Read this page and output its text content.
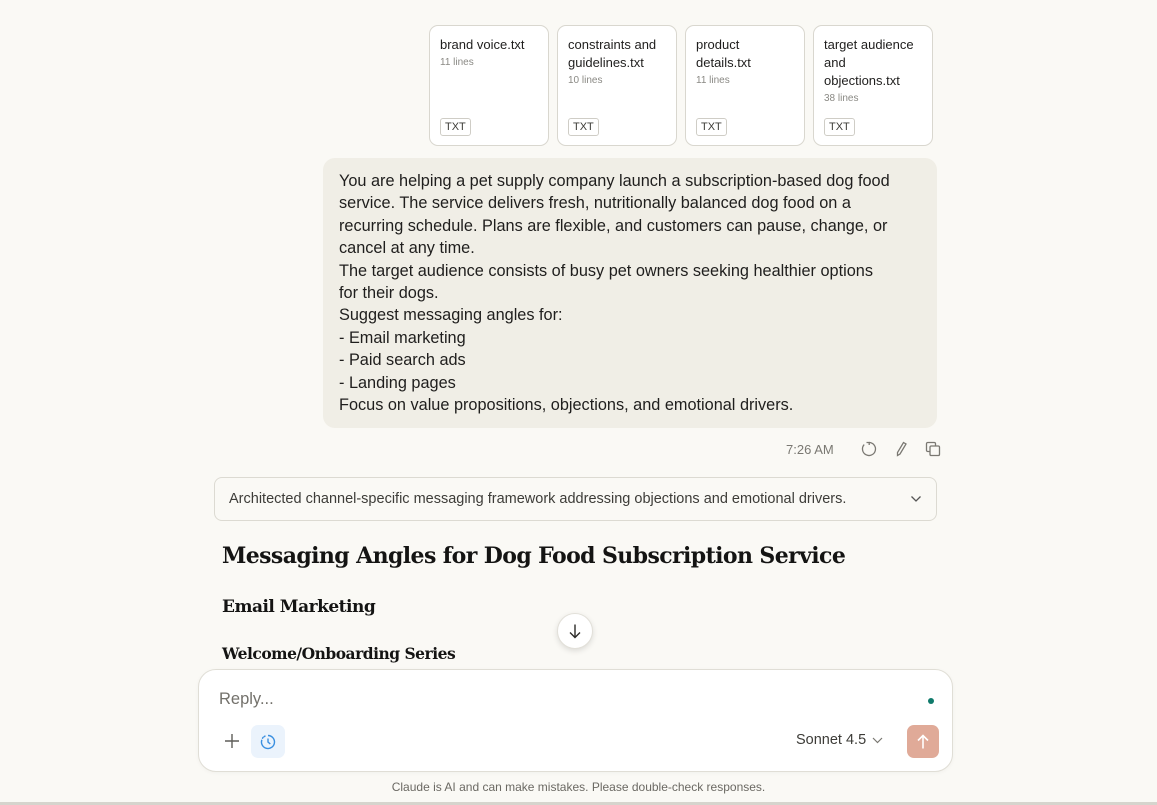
brand voice.txt
11 lines
TXT
constraints and guidelines.txt
10 lines
TXT
product details.txt
11 lines
TXT
target audience and objections.txt
38 lines
TXT
You are helping a pet supply company launch a subscription-based dog food
service. The service delivers fresh, nutritionally balanced dog food on a
recurring schedule. Plans are flexible, and customers can pause, change, or
cancel at any time.
The target audience consists of busy pet owners seeking healthier options
for their dogs.
Suggest messaging angles for:
- Email marketing
- Paid search ads
- Landing pages
Focus on value propositions, objections, and emotional drivers.
7:26 AM
Architected channel-specific messaging framework addressing objections and emotional drivers.
Messaging Angles for Dog Food Subscription Service
Email Marketing
Welcome/Onboarding Series
Reply...
Sonnet 4.5
Claude is AI and can make mistakes. Please double-check responses.
